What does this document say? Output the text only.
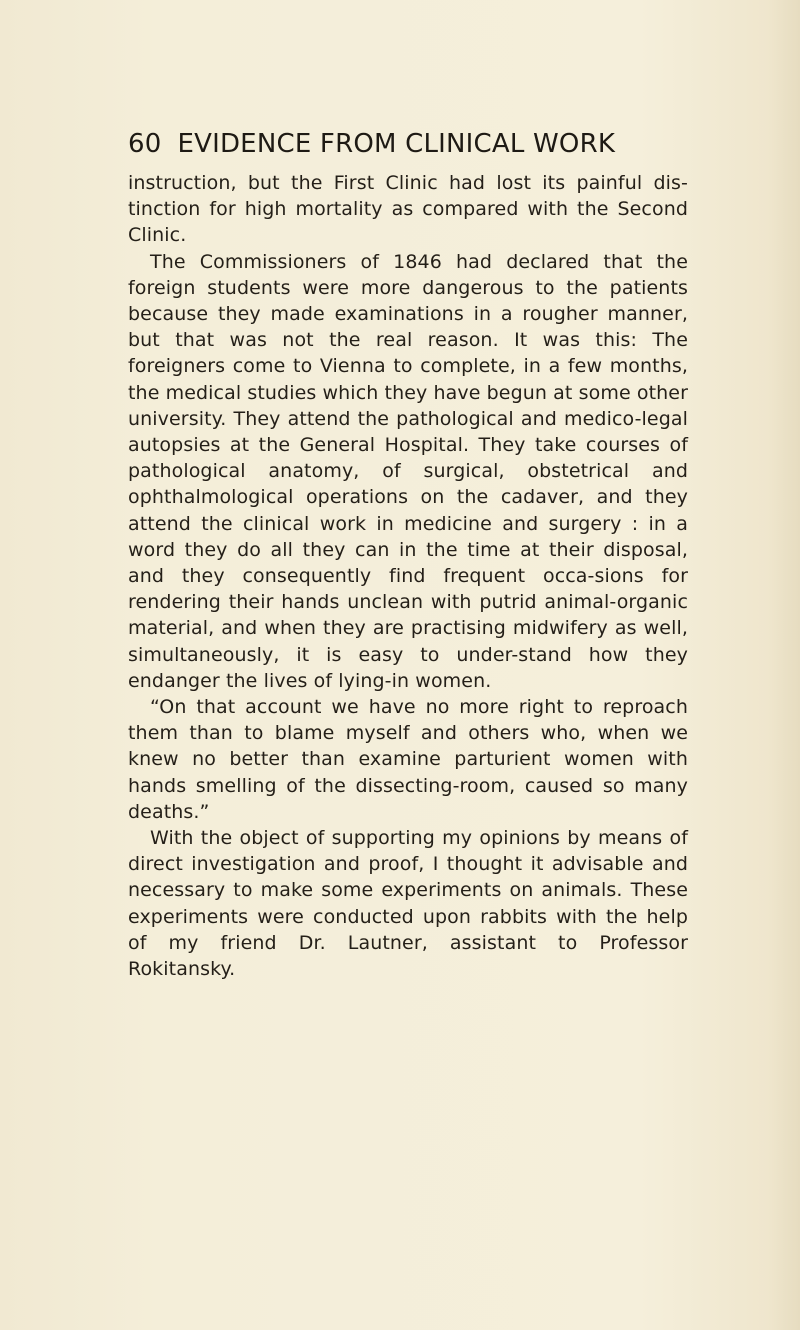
60 EVIDENCE FROM CLINICAL WORK

instruction, but the First Clinic had lost its painful dis-tinction for high mortality as compared with the Second Clinic.

The Commissioners of 1846 had declared that the foreign students were more dangerous to the patients because they made examinations in a rougher manner, but that was not the real reason. It was this: The foreigners come to Vienna to complete, in a few months, the medical studies which they have begun at some other university. They attend the pathological and medico-legal autopsies at the General Hospital. They take courses of pathological anatomy, of surgical, obstetrical and ophthalmological operations on the cadaver, and they attend the clinical work in medicine and surgery : in a word they do all they can in the time at their disposal, and they consequently find frequent occa-sions for rendering their hands unclean with putrid animal-organic material, and when they are practising midwifery as well, simultaneously, it is easy to under-stand how they endanger the lives of lying-in women.

“On that account we have no more right to reproach them than to blame myself and others who, when we knew no better than examine parturient women with hands smelling of the dissecting-room, caused so many deaths.”

With the object of supporting my opinions by means of direct investigation and proof, I thought it advisable and necessary to make some experiments on animals. These experiments were conducted upon rabbits with the help of my friend Dr. Lautner, assistant to Professor Rokitansky.
